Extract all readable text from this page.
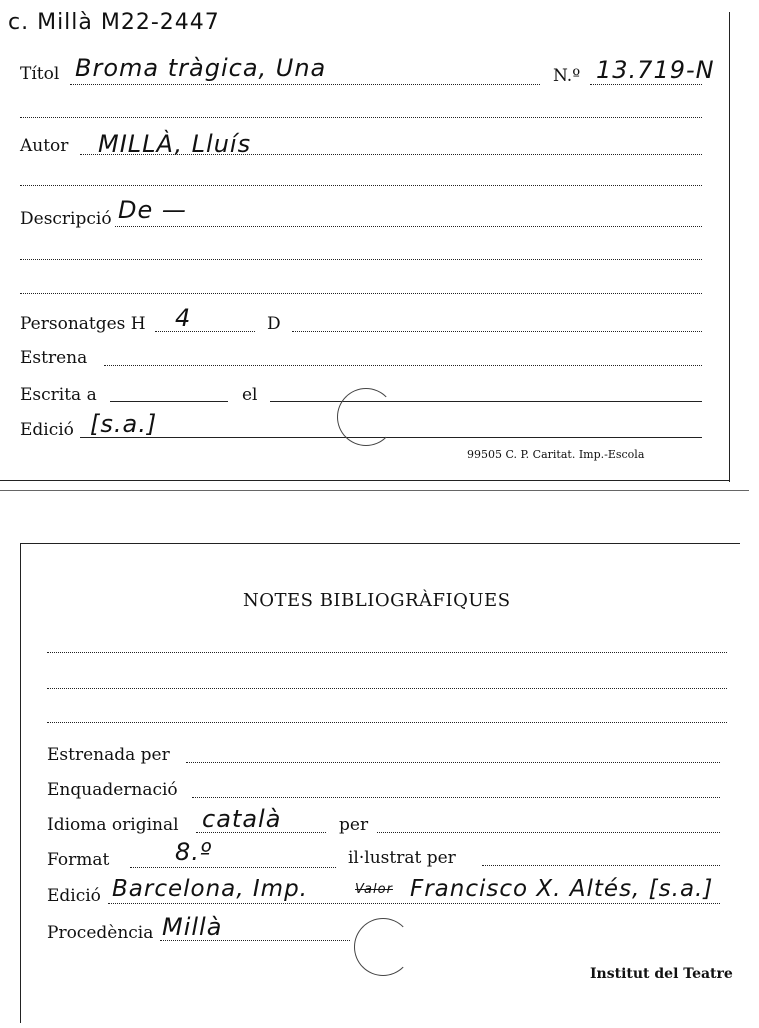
c. Millà M22-2447
Títol Broma tràgica, Una	N.º 13.719-N
Autor MILLÀ, Lluís
Descripció De —
Personatges H 4	D
Estrena
Escrita a	el
Edició [s.a.]
99505 C. P. Caritat. Imp.-Escola
NOTES BIBLIOGRÀFIQUES
Estrenada per
Enquadernació
Idioma original català	per
Format	8.º	il·lustrat per
Edició Barcelona, Imp.	Valor Francisco X. Altés, [s.a.]
Procedència Millà
Institut del Teatre
